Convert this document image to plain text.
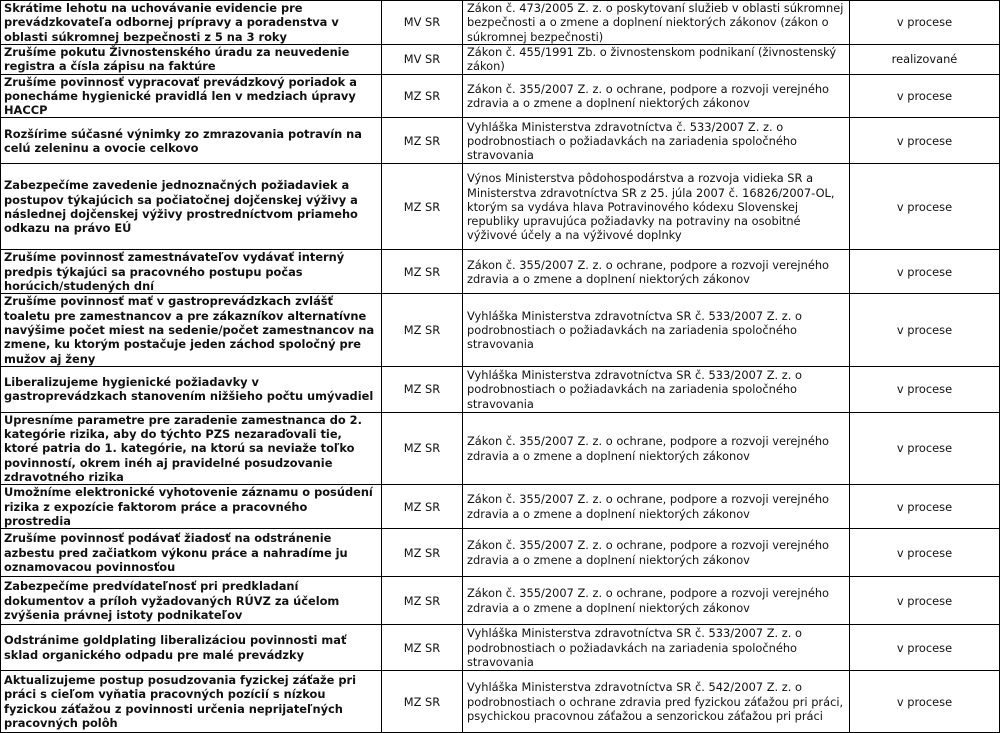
Skrátime lehotu na uchovávanie evidencie pre prevádzkovateľa odbornej prípravy a poradenstva v oblasti súkromnej bezpečnosti z 5 na 3 roky	MV SR	Zákon č. 473/2005 Z. z. o poskytovaní služieb v oblasti súkromnej bezpečnosti a o zmene a doplnení niektorých zákonov (zákon o súkromnej bezpečnosti)	v procese
Zrušíme pokutu Živnostenského úradu za neuvedenie registra a čísla zápisu na faktúre	MV SR	Zákon č. 455/1991 Zb. o živnostenskom podnikaní (živnostenský zákon)	realizované
Zrušíme povinnosť vypracovať prevádzkový poriadok a ponecháme hygienické pravidlá len v medziach úpravy HACCP	MZ SR	Zákon č. 355/2007 Z. z. o ochrane, podpore a rozvoji verejného zdravia a o zmene a doplnení niektorých zákonov	v procese
Rozšírime súčasné výnimky zo zmrazovania potravín na celú zeleninu a ovocie celkovo	MZ SR	Vyhláška Ministerstva zdravotníctva č. 533/2007 Z. z. o podrobnostiach o požiadavkách na zariadenia spoločného stravovania	v procese
Zabezpečíme zavedenie jednoznačných požiadaviek a postupov týkajúcich sa počiatočnej dojčenskej výživy a následnej dojčenskej výživy prostredníctvom priameho odkazu na právo EÚ	MZ SR	Výnos Ministerstva pôdohospodárstva a rozvoja vidieka SR a Ministerstva zdravotníctva SR z 25. júla 2007 č. 16826/2007-OL, ktorým sa vydáva hlava Potravinového kódexu Slovenskej republiky upravujúca požiadavky na potraviny na osobitné výživové účely a na výživové doplnky	v procese
Zrušíme povinnosť zamestnávateľov vydávať interný predpis týkajúci sa pracovného postupu počas horúcich/studených dní	MZ SR	Zákon č. 355/2007 Z. z. o ochrane, podpore a rozvoji verejného zdravia a o zmene a doplnení niektorých zákonov	v procese
Zrušíme povinnosť mať v gastroprevádzkach zvlášť toaletu pre zamestnancov a pre zákazníkov alternatívne navýšime počet miest na sedenie/počet zamestnancov na zmene, ku ktorým postačuje jeden záchod spoločný pre mužov aj ženy	MZ SR	Vyhláška Ministerstva zdravotníctva SR č. 533/2007 Z. z. o podrobnostiach o požiadavkách na zariadenia spoločného stravovania	v procese
Liberalizujeme hygienické požiadavky v gastroprevádzkach stanovením nižšieho počtu umývadiel	MZ SR	Vyhláška Ministerstva zdravotníctva SR č. 533/2007 Z. z. o podrobnostiach o požiadavkách na zariadenia spoločného stravovania	v procese
Upresníme parametre pre zaradenie zamestnanca do 2. kategórie rizika, aby do týchto PZS nezaraďovali tie, ktoré patria do 1. kategórie, na ktorú sa neviaže toľko povinností, okrem inéh aj pravidelné posudzovanie zdravotného rizika	MZ SR	Zákon č. 355/2007 Z. z. o ochrane, podpore a rozvoji verejného zdravia a o zmene a doplnení niektorých zákonov	v procese
Umožníme elektronické vyhotovenie záznamu o posúdení rizika z expozície faktorom práce a pracovného prostredia	MZ SR	Zákon č. 355/2007 Z. z. o ochrane, podpore a rozvoji verejného zdravia a o zmene a doplnení niektorých zákonov	v procese
Zrušíme povinnosť podávať žiadosť na odstránenie azbestu pred začiatkom výkonu práce a nahradíme ju oznamovacou povinnosťou	MZ SR	Zákon č. 355/2007 Z. z. o ochrane, podpore a rozvoji verejného zdravia a o zmene a doplnení niektorých zákonov	v procese
Zabezpečíme predvídateľnosť pri predkladaní dokumentov a príloh vyžadovaných RÚVZ za účelom zvýšenia právnej istoty podnikateľov	MZ SR	Zákon č. 355/2007 Z. z. o ochrane, podpore a rozvoji verejného zdravia a o zmene a doplnení niektorých zákonov	v procese
Odstránime goldplating liberalizáciou povinnosti mať sklad organického odpadu pre malé prevádzky	MZ SR	Vyhláška Ministerstva zdravotníctva SR č. 533/2007 Z. z. o podrobnostiach o požiadavkách na zariadenia spoločného stravovania	v procese
Aktualizujeme postup posudzovania fyzickej záťaže pri práci s cieľom vyňatia pracovných pozícií s nízkou fyzickou záťažou z povinnosti určenia neprijateľných pracovných polôh	MZ SR	Vyhláška Ministerstva zdravotníctva SR č. 542/2007 Z. z. o podrobnostiach o ochrane zdravia pred fyzickou záťažou pri práci, psychickou pracovnou záťažou a senzorickou záťažou pri práci	v procese
